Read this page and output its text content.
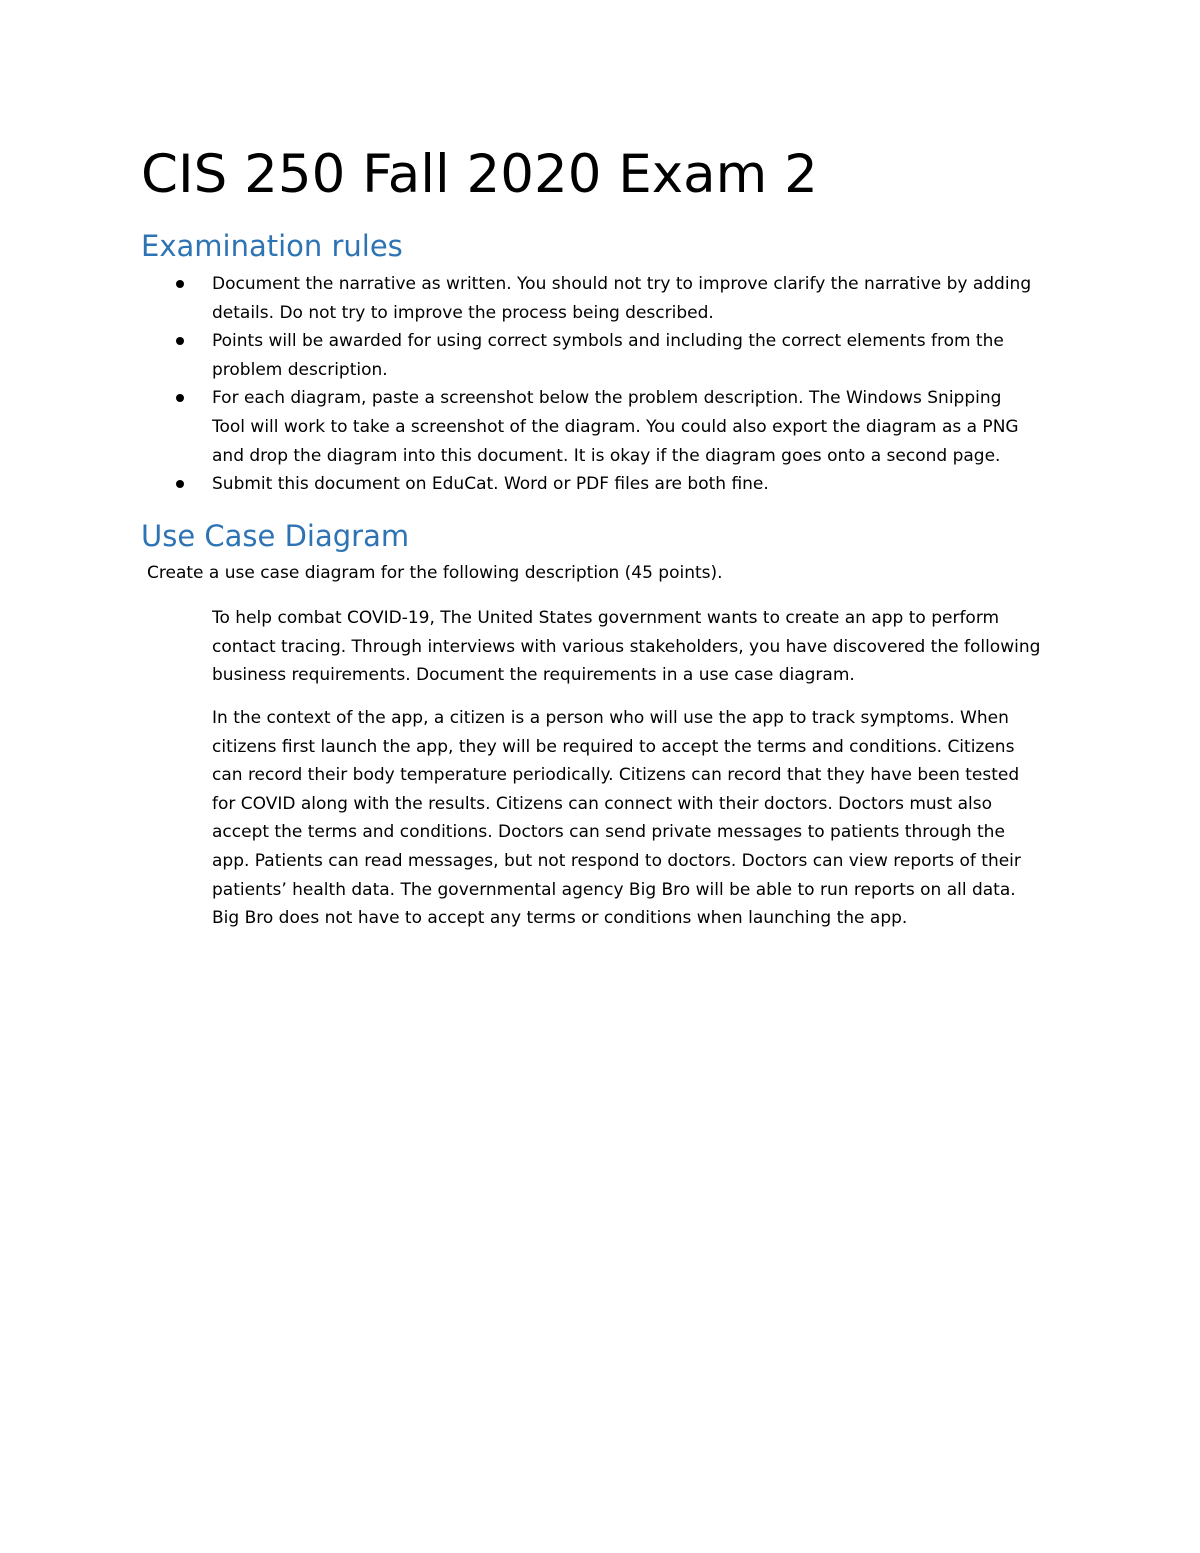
CIS 250 Fall 2020 Exam 2
Examination rules
Document the narrative as written. You should not try to improve clarify the narrative by adding
details. Do not try to improve the process being described.
Points will be awarded for using correct symbols and including the correct elements from the
problem description.
For each diagram, paste a screenshot below the problem description. The Windows Snipping
Tool will work to take a screenshot of the diagram. You could also export the diagram as a PNG
and drop the diagram into this document. It is okay if the diagram goes onto a second page.
Submit this document on EduCat. Word or PDF files are both fine.
Use Case Diagram

Create a use case diagram for the following description (45 points).

To help combat COVID-19, The United States government wants to create an app to perform
contact tracing. Through interviews with various stakeholders, you have discovered the following
business requirements. Document the requirements in a use case diagram.

In the context of the app, a citizen is a person who will use the app to track symptoms. When
citizens first launch the app, they will be required to accept the terms and conditions. Citizens
can record their body temperature periodically. Citizens can record that they have been tested
for COVID along with the results. Citizens can connect with their doctors. Doctors must also
accept the terms and conditions. Doctors can send private messages to patients through the
app. Patients can read messages, but not respond to doctors. Doctors can view reports of their
patients’ health data. The governmental agency Big Bro will be able to run reports on all data.
Big Bro does not have to accept any terms or conditions when launching the app.
